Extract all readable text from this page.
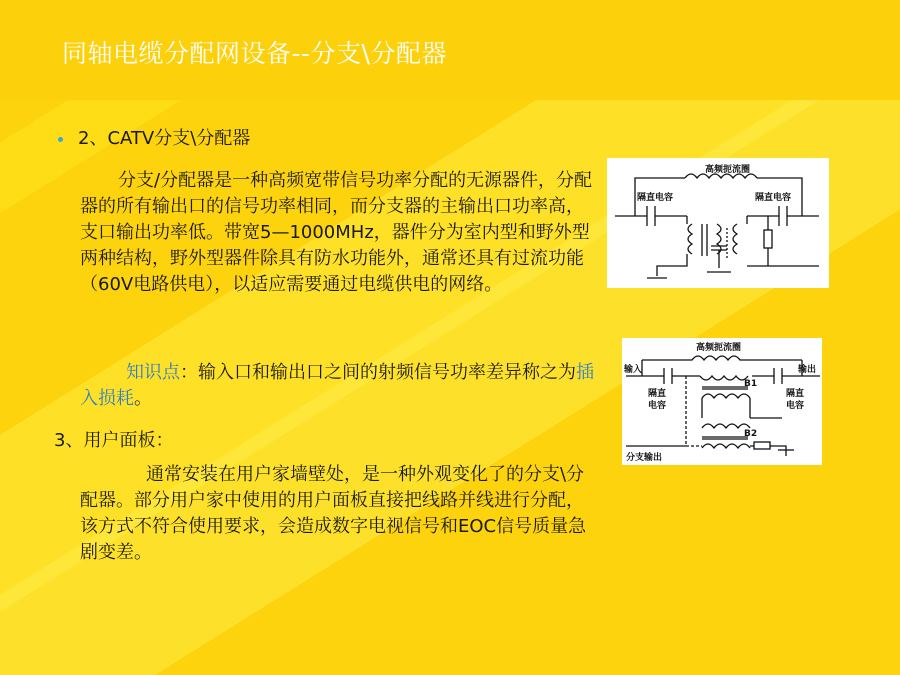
同轴电缆分配网设备--分支\分配器
2、CATV分支\分配器
分支/分配器是一种高频宽带信号功率分配的无源器件，分配器的所有输出口的信号功率相同，而分支器的主输出口功率高，支口输出功率低。带宽5—1000MHz，器件分为室内型和野外型两种结构，野外型器件除具有防水功能外，通常还具有过流功能（60V电路供电），以适应需要通过电缆供电的网络。
知识点：输入口和输出口之间的射频信号功率差异称之为插入损耗。
3、用户面板：
通常安装在用户家墙壁处，是一种外观变化了的分支\分配器。部分用户家中使用的用户面板直接把线路并线进行分配，该方式不符合使用要求，会造成数字电视信号和EOC信号质量急剧变差。
高频扼流圈
隔直电容	隔直电容
高频扼流圈
输入	输出
隔直
电容
隔直
电容
B1
B2
分支输出
